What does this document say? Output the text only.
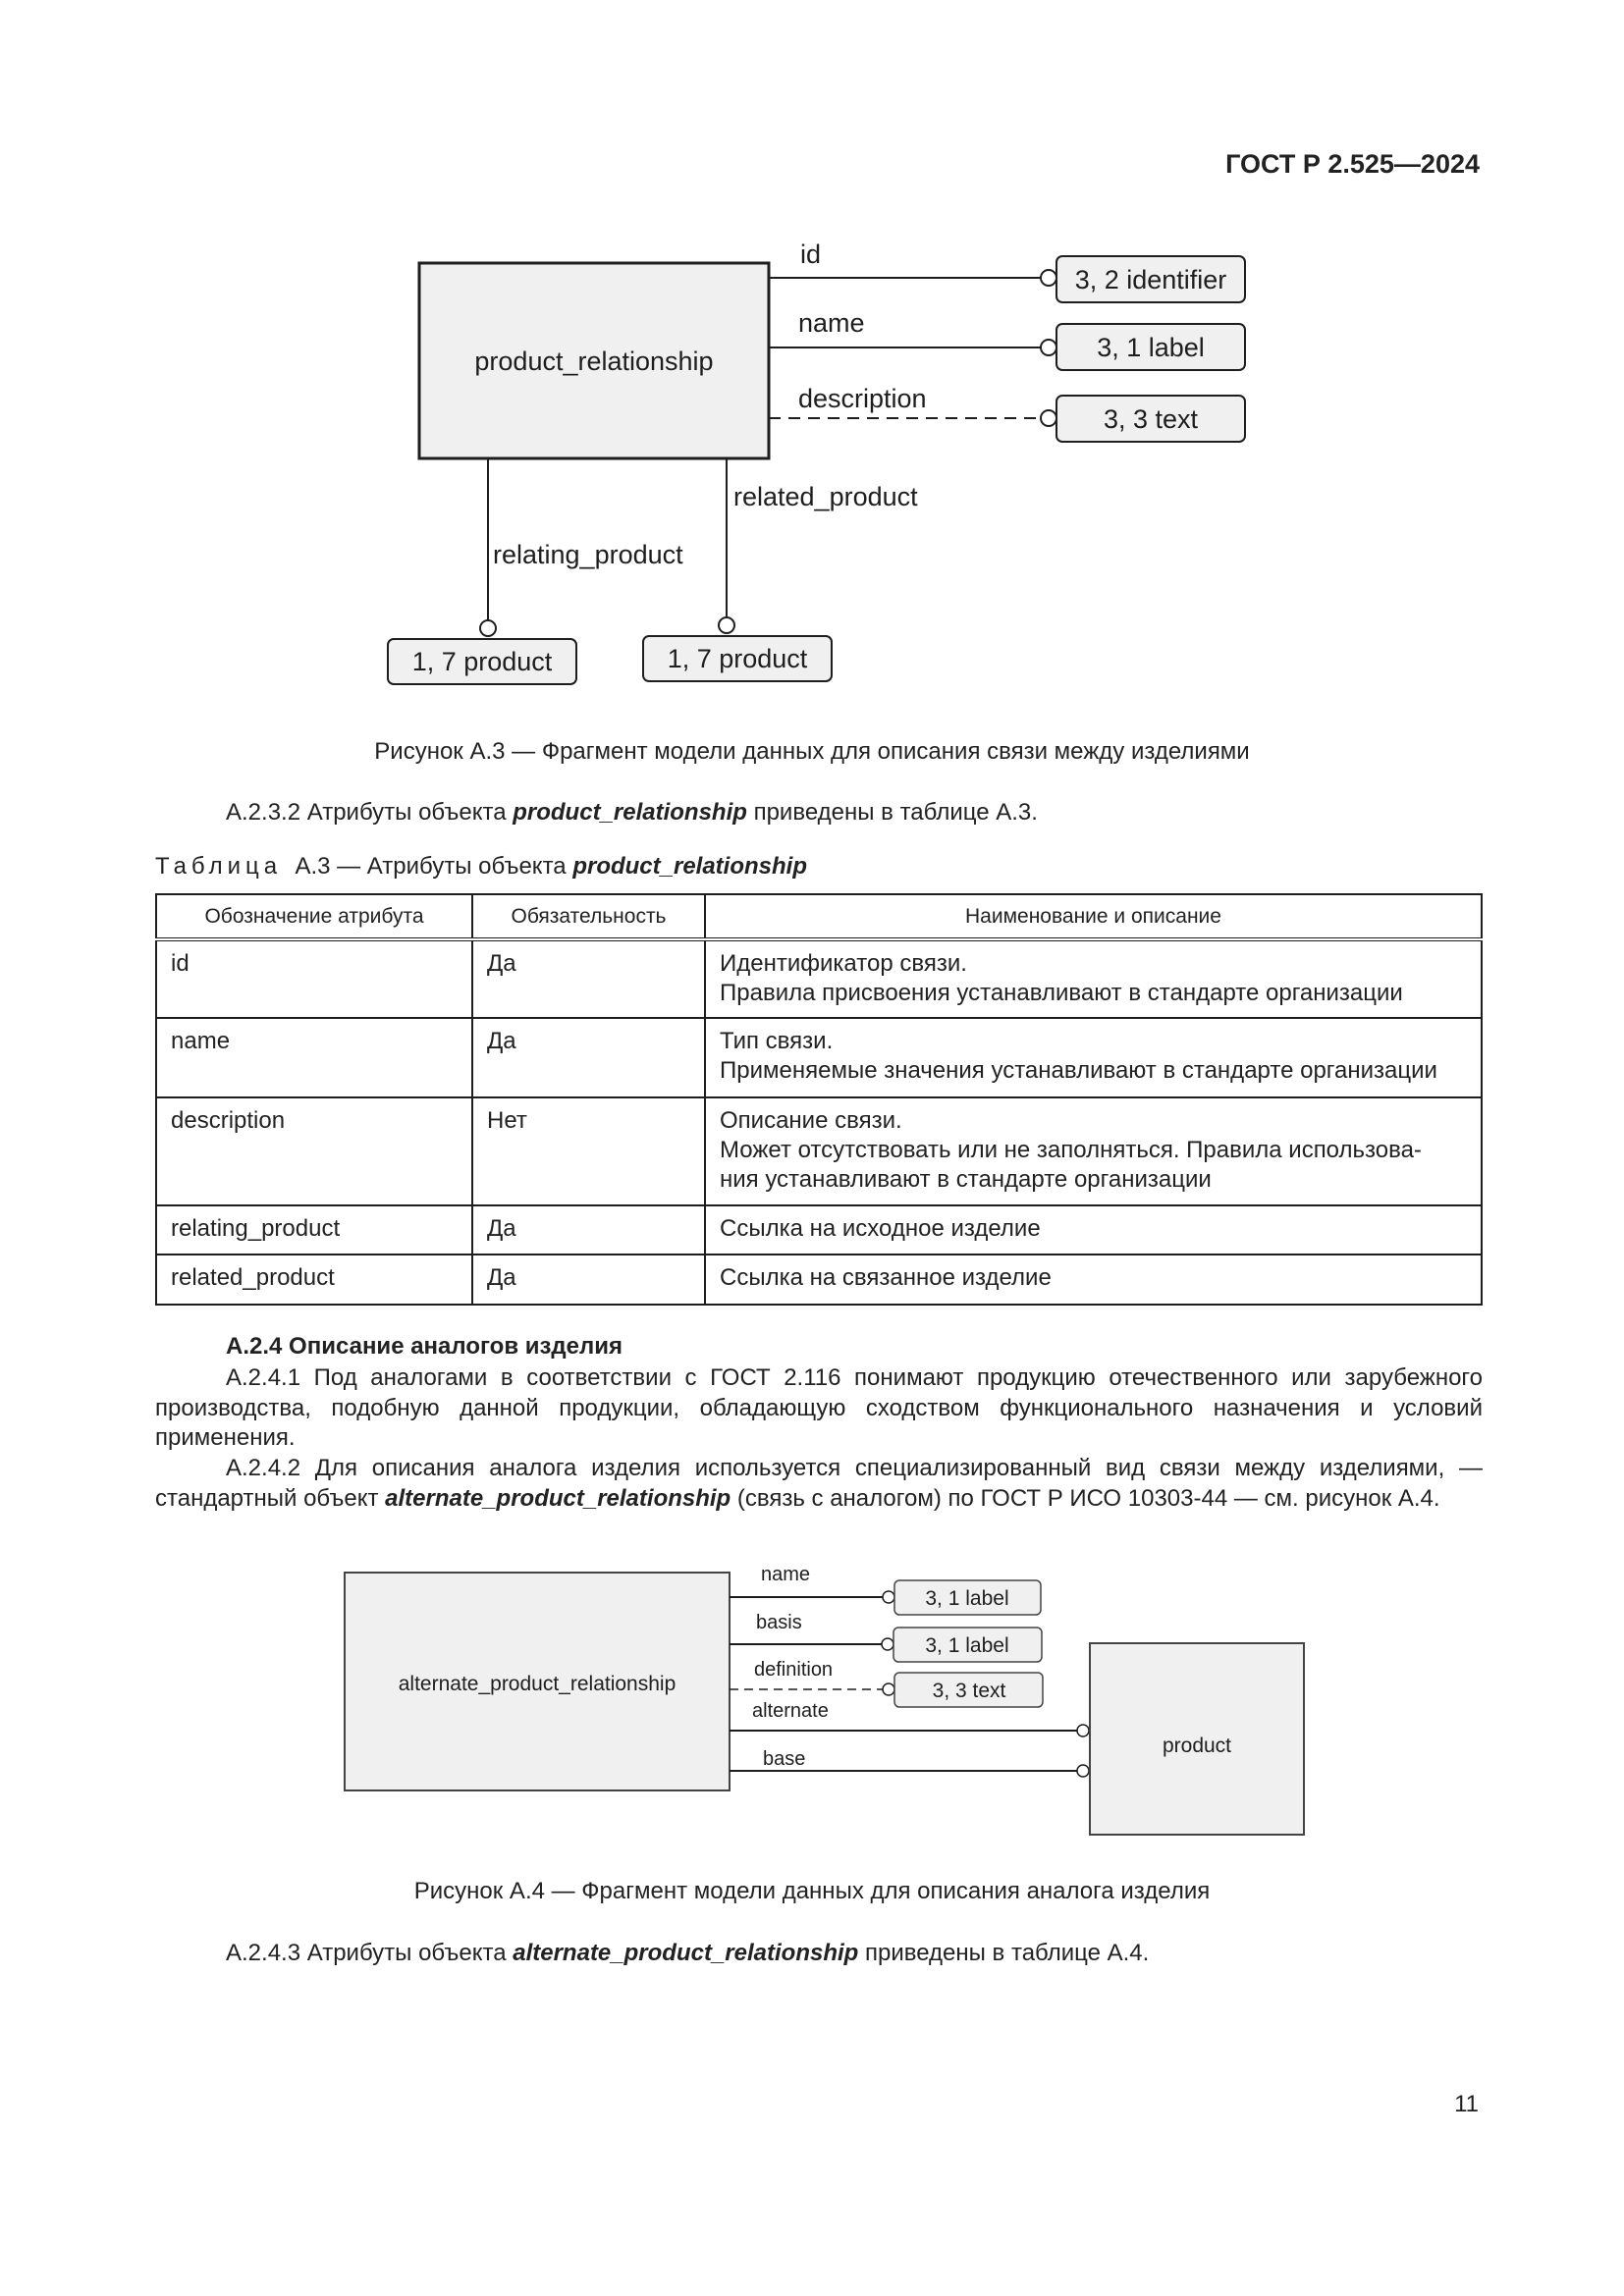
ГОСТ Р 2.525—2024
product_relationship
id
3, 2 identifier
name
3, 1 label
description
3, 3 text
relating_product
1, 7 product
related_product
1, 7 product
Рисунок А.3 — Фрагмент модели данных для описания связи между изделиями
А.2.3.2 Атрибуты объекта product_relationship приведены в таблице А.3.
Таблица  А.3 — Атрибуты объекта product_relationship
Обозначение атрибута	Обязательность	Наименование и описание
id	Да	Идентификатор связи.
Правила присвоения устанавливают в стандарте организации

name	Да	Тип связи.
Применяемые значения устанавливают в стандарте организации

description	Нет	Описание связи.
Может отсутствовать или не заполняться. Правила использова-
ния устанавливают в стандарте организации

relating_product	Да	Ссылка на исходное изделие

related_product	Да	Ссылка на связанное изделие
А.2.4 Описание аналогов изделия
А.2.4.1 Под аналогами в соответствии с ГОСТ 2.116 понимают продукцию отечественного или зарубежного производства, подобную данной продукции, обладающую сходством функционального назначения и условий применения.
А.2.4.2 Для описания аналога изделия используется специализированный вид связи между изделиями, — стандартный объект alternate_product_relationship (связь с аналогом) по ГОСТ Р ИСО 10303-44 — см. рисунок А.4.
alternate_product_relationship
name
3, 1 label
basis
3, 1 label
definition
3, 3 text
alternate
base
product
Рисунок А.4 — Фрагмент модели данных для описания аналога изделия
А.2.4.3 Атрибуты объекта alternate_product_relationship приведены в таблице А.4.
11
